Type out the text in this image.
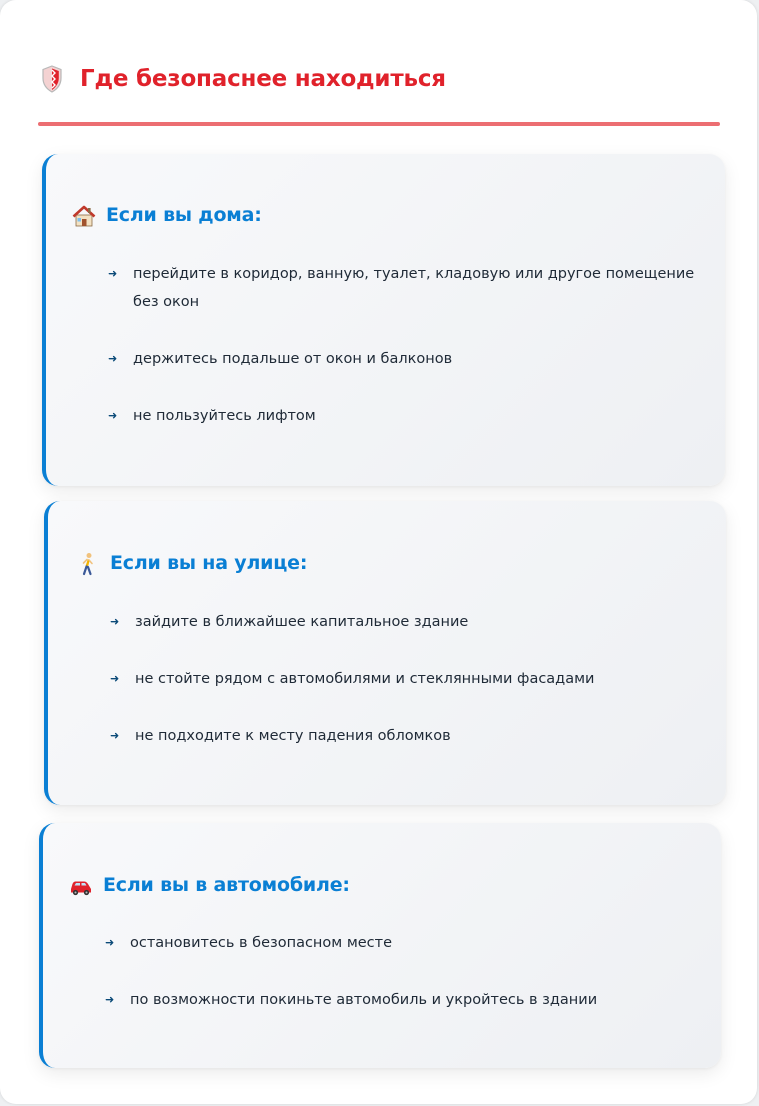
Где безопаснее находиться
Если вы дома:
➜ перейдите в коридор, ванную, туалет, кладовую или другое помещение без окон
➜ держитесь подальше от окон и балконов
➜ не пользуйтесь лифтом
Если вы на улице:
➜ зайдите в ближайшее капитальное здание
➜ не стойте рядом с автомобилями и стеклянными фасадами
➜ не подходите к месту падения обломков
Если вы в автомобиле:
➜ остановитесь в безопасном месте
➜ по возможности покиньте автомобиль и укройтесь в здании
